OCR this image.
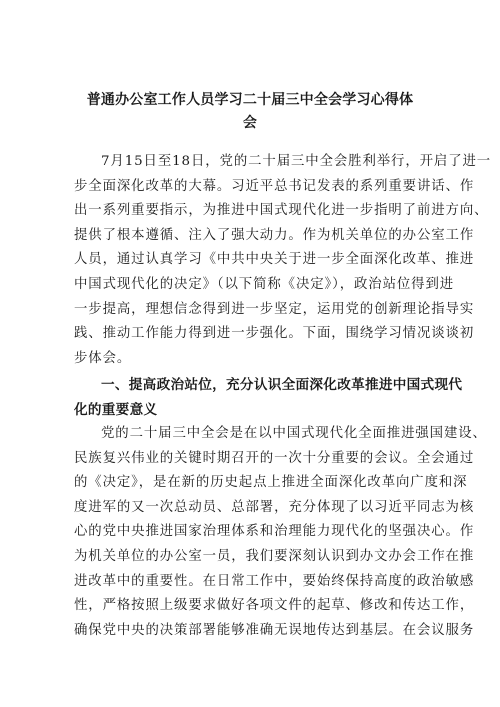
普通办公室工作人员学习二十届三中全会学习心得体
会
7月15日至18日，党的二十届三中全会胜利举行，开启了进一
步全面深化改革的大幕。习近平总书记发表的系列重要讲话、作
出一系列重要指示，为推进中国式现代化进一步指明了前进方向、
提供了根本遵循、注入了强大动力。作为机关单位的办公室工作
人员，通过认真学习《中共中央关于进一步全面深化改革、推进
中国式现代化的决定》（以下简称《决定》），政治站位得到进
一步提高，理想信念得到进一步坚定，运用党的创新理论指导实
践、推动工作能力得到进一步强化。下面，围绕学习情况谈谈初
步体会。
一、提高政治站位，充分认识全面深化改革推进中国式现代
化的重要意义
党的二十届三中全会是在以中国式现代化全面推进强国建设、
民族复兴伟业的关键时期召开的一次十分重要的会议。全会通过
的《决定》，是在新的历史起点上推进全面深化改革向广度和深
度进军的又一次总动员、总部署，充分体现了以习近平同志为核
心的党中央推进国家治理体系和治理能力现代化的坚强决心。作
为机关单位的办公室一员，我们要深刻认识到办文办会工作在推
进改革中的重要性。在日常工作中，要始终保持高度的政治敏感
性，严格按照上级要求做好各项文件的起草、修改和传达工作，
确保党中央的决策部署能够准确无误地传达到基层。在会议服务
